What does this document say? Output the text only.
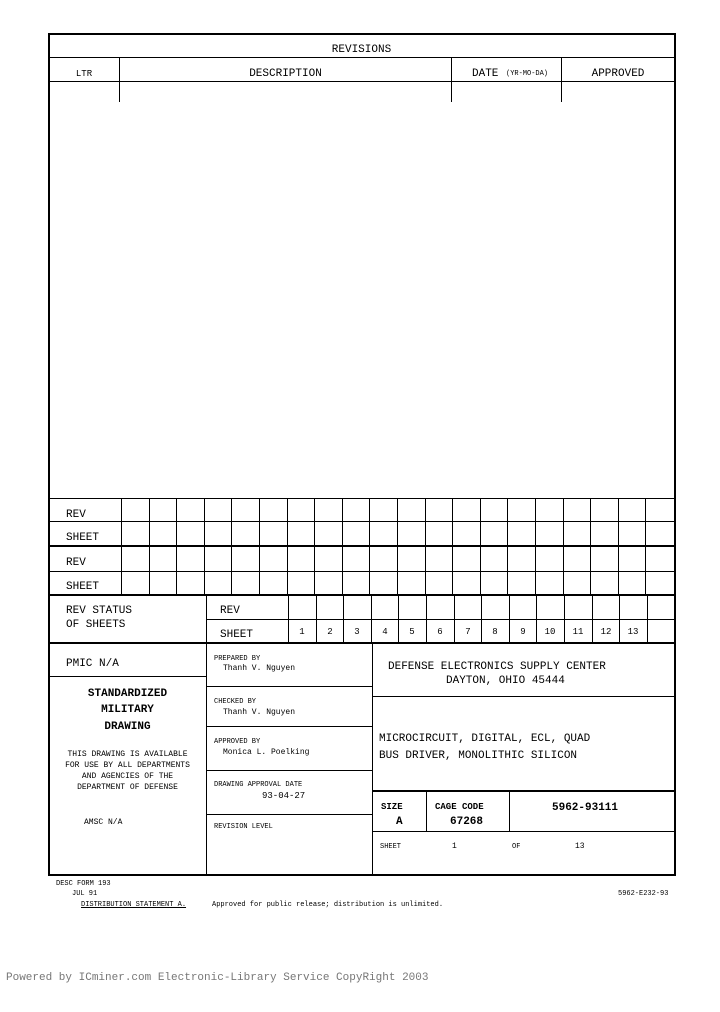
REVISIONS
LTR	DESCRIPTION	DATE (YR-MO-DA)	APPROVED
REV
SHEET
REV
SHEET
REV STATUS
OF SHEETS
REV
SHEET	1	2	3	4	5	6	7	8	9	10	11	12	13
PMIC N/A
STANDARDIZED
MILITARY
DRAWING
THIS DRAWING IS AVAILABLE
FOR USE BY ALL DEPARTMENTS
AND AGENCIES OF THE
DEPARTMENT OF DEFENSE
AMSC N/A
PREPARED BY
Thanh V. Nguyen
CHECKED BY
Thanh V. Nguyen
APPROVED BY
Monica L. Poelking
DRAWING APPROVAL DATE
93-04-27
REVISION LEVEL
DEFENSE ELECTRONICS SUPPLY CENTER
DAYTON, OHIO 45444
MICROCIRCUIT, DIGITAL, ECL, QUAD
BUS DRIVER, MONOLITHIC SILICON
SIZE
A
CAGE CODE
67268
5962-93111
SHEET	1	OF	13
DESC FORM 193
JUL 91	5962-E232-93
DISTRIBUTION STATEMENT A.	Approved for public release; distribution is unlimited.
Powered by ICminer.com Electronic-Library Service CopyRight 2003
